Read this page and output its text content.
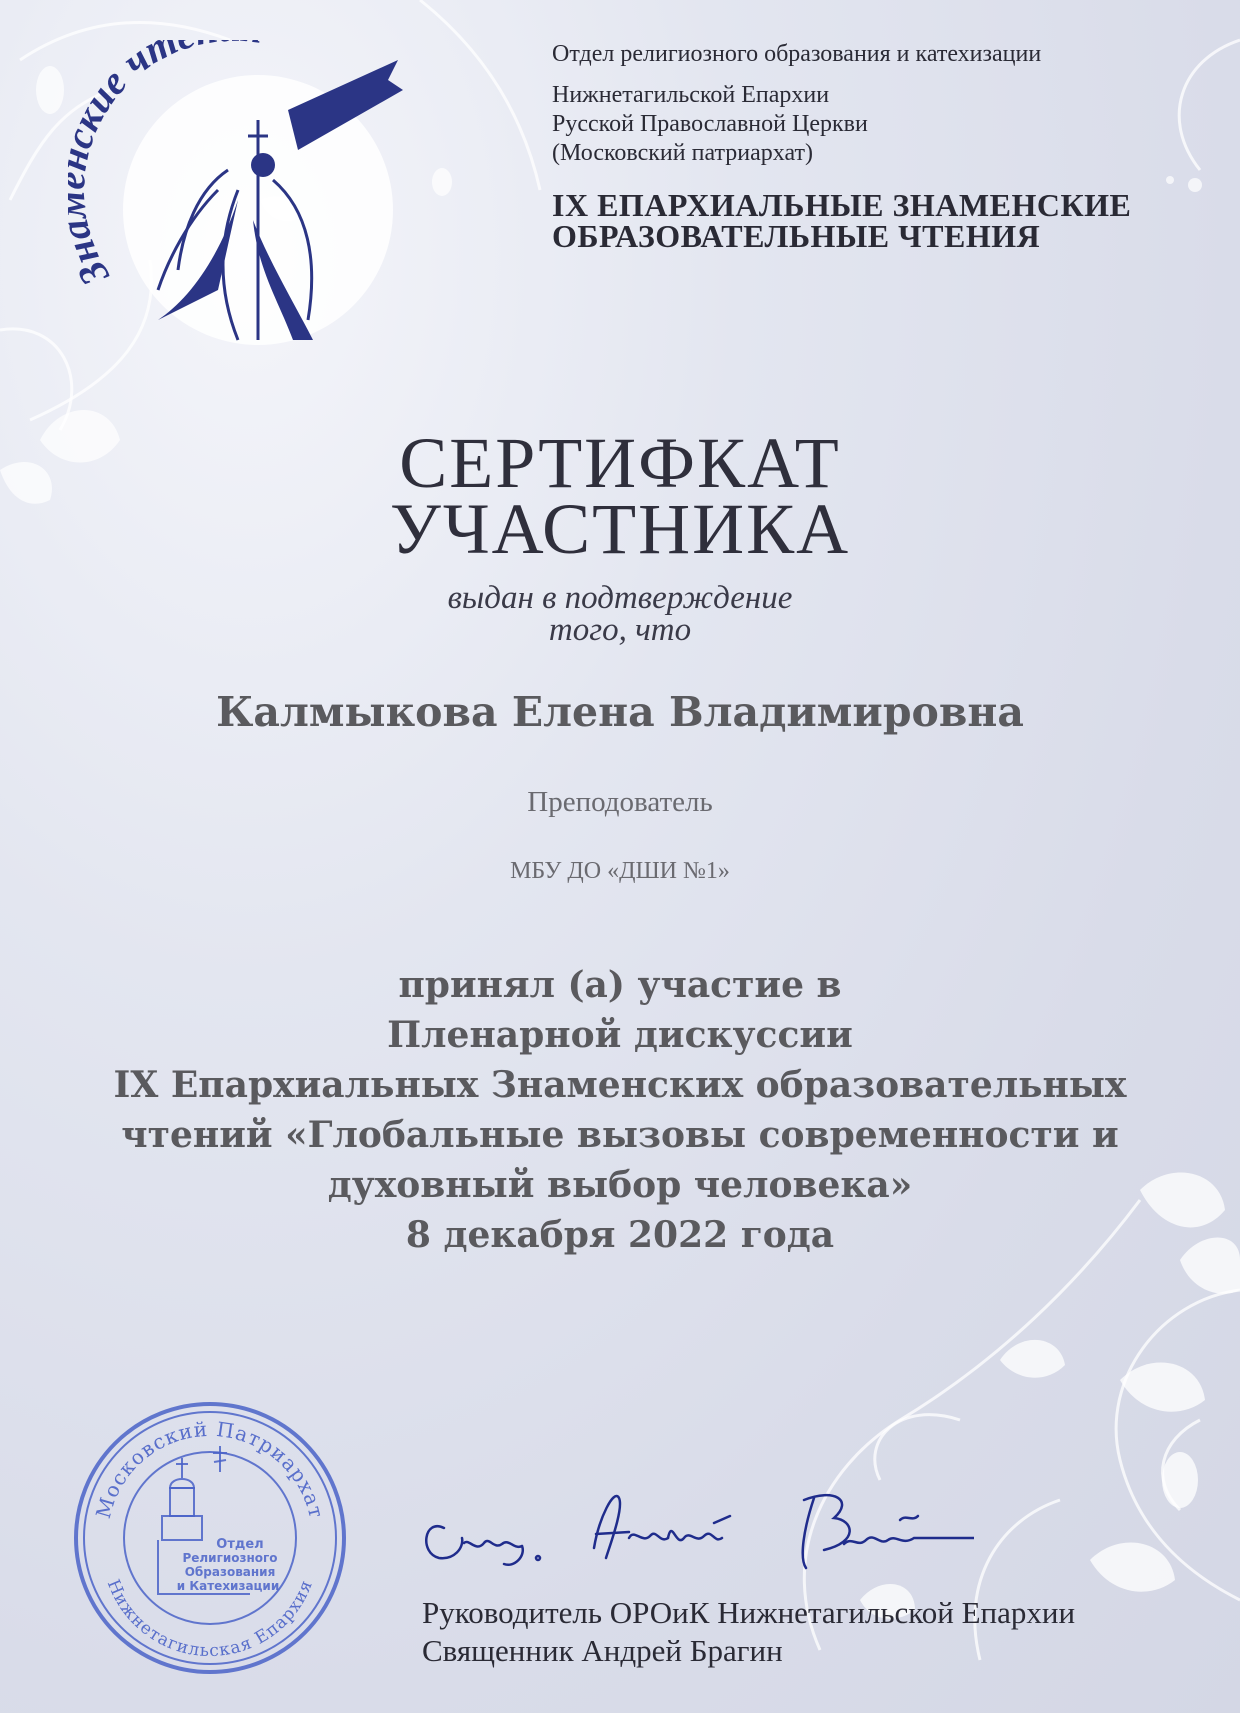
З ие чт	Отдел религиозного образования и катехизации

Нижнетагильской Епархии

Русской Православной Церкви

(Московский патриархат)

IX ЕПАРХИАЛЬНЫЕ ЗНАМЕНСКИЕ

ОБРАЗОВАТЕЛЬНЫЕ ЧТЕНИЯ

СЕРТИФКАТ
УЧАСТНИКА
выдан в подтверждение
того, что
Калмыкова Елена Владимировна
Преподователь
МБУ ДО «ДШИ №1»
принял (а) участие в
Пленарной дискуссии
IX Епархиальных Знаменских образовательных
чтений «Глобальные вызовы современности и
духовный выбор человека»
8 декабря 2022 года
Московский Патриархат
Нижнетагильская Епархия
Отдел
Религиозного
Образования
и Катехизации
Руководитель ОРОиК Нижнетагильской Епархии
Священник Андрей Брагин
